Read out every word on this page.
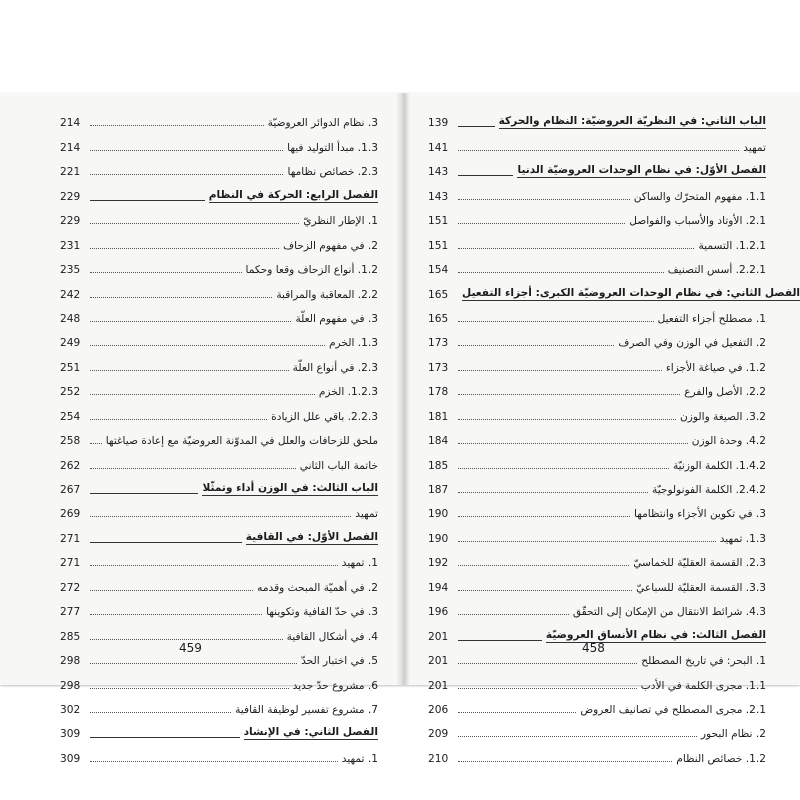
214	3. نظام الدوائر العروضيّة
214	1.3. مبدأ التوليد فيها
221	2.3. خصائص نظامها
229	الفصل الرابع: الحركة في النظام
229	1. الإطار النظريّ
231	2. في مفهوم الزحاف
235	1.2. أنواع الزحاف وقعا وحكما
242	2.2. المعاقبة والمراقبة
248	3. في مفهوم العلّة
249	1.3. الخرم
251	2.3. في أنواع العلّة
252	1.2.3. الخزم
254	2.2.3. باقي علل الزيادة
258	ملحق للزحافات والعلل في المدوّنة العروضيّة مع إعادة صياغتها
262	خاتمة الباب الثاني
267	الباب الثالث: في الوزن أداء وتمثّلا
269	تمهيد
271	الفصل الأوّل: في القافية
271	1. تمهيد
272	2. في أهميّة المبحث وقدمه
277	3. في حدّ القافية وتكوينها
285	4. في أشكال القافية
298	5. في اختبار الحدّ
298	6. مشروع حدّ جديد
302	7. مشروع تفسير لوظيفة القافية
309	الفصل الثاني: في الإنشاد
309	1. تمهيد
459
139	الباب الثاني: في النظريّة العروضيّة: النظام والحركة
141	تمهيد
143	الفصل الأوّل: في نظام الوحدات العروضيّة الدنيا
143	1.1. مفهوم المتحرّك والساكن
151	2.1. الأوتاد والأسباب والفواصل
151	1.2.1. التسمية
154	2.2.1. أسس التصنيف
165	الفصل الثاني: في نظام الوحدات العروضيّة الكبرى: أجزاء التفعيل
165	1. مصطلح أجزاء التفعيل
173	2. التفعيل في الوزن وفي الصرف
173	1.2. في صياغة الأجزاء
178	2.2. الأصل والفرع
181	3.2. الصيغة والوزن
184	4.2. وحدة الوزن
185	1.4.2. الكلمة الوزنيّة
187	2.4.2. الكلمة الفونولوجيّة
190	3. في تكوين الأجزاء وانتظامها
190	1.3. تمهيد
192	2.3. القسمة العقليّة للخماسيّ
194	3.3. القسمة العقليّة للسباعيّ
196	4.3. شرائط الانتقال من الإمكان إلى التحقّق
201	الفصل الثالث: في نظام الأنساق العروضيّة
201	1. البحر: في تاريخ المصطلح
201	1.1. مجرى الكلمة في الأدب
206	2.1. مجرى المصطلح في تصانيف العروض
209	2. نظام البحور
210	1.2. خصائص النظام
458
